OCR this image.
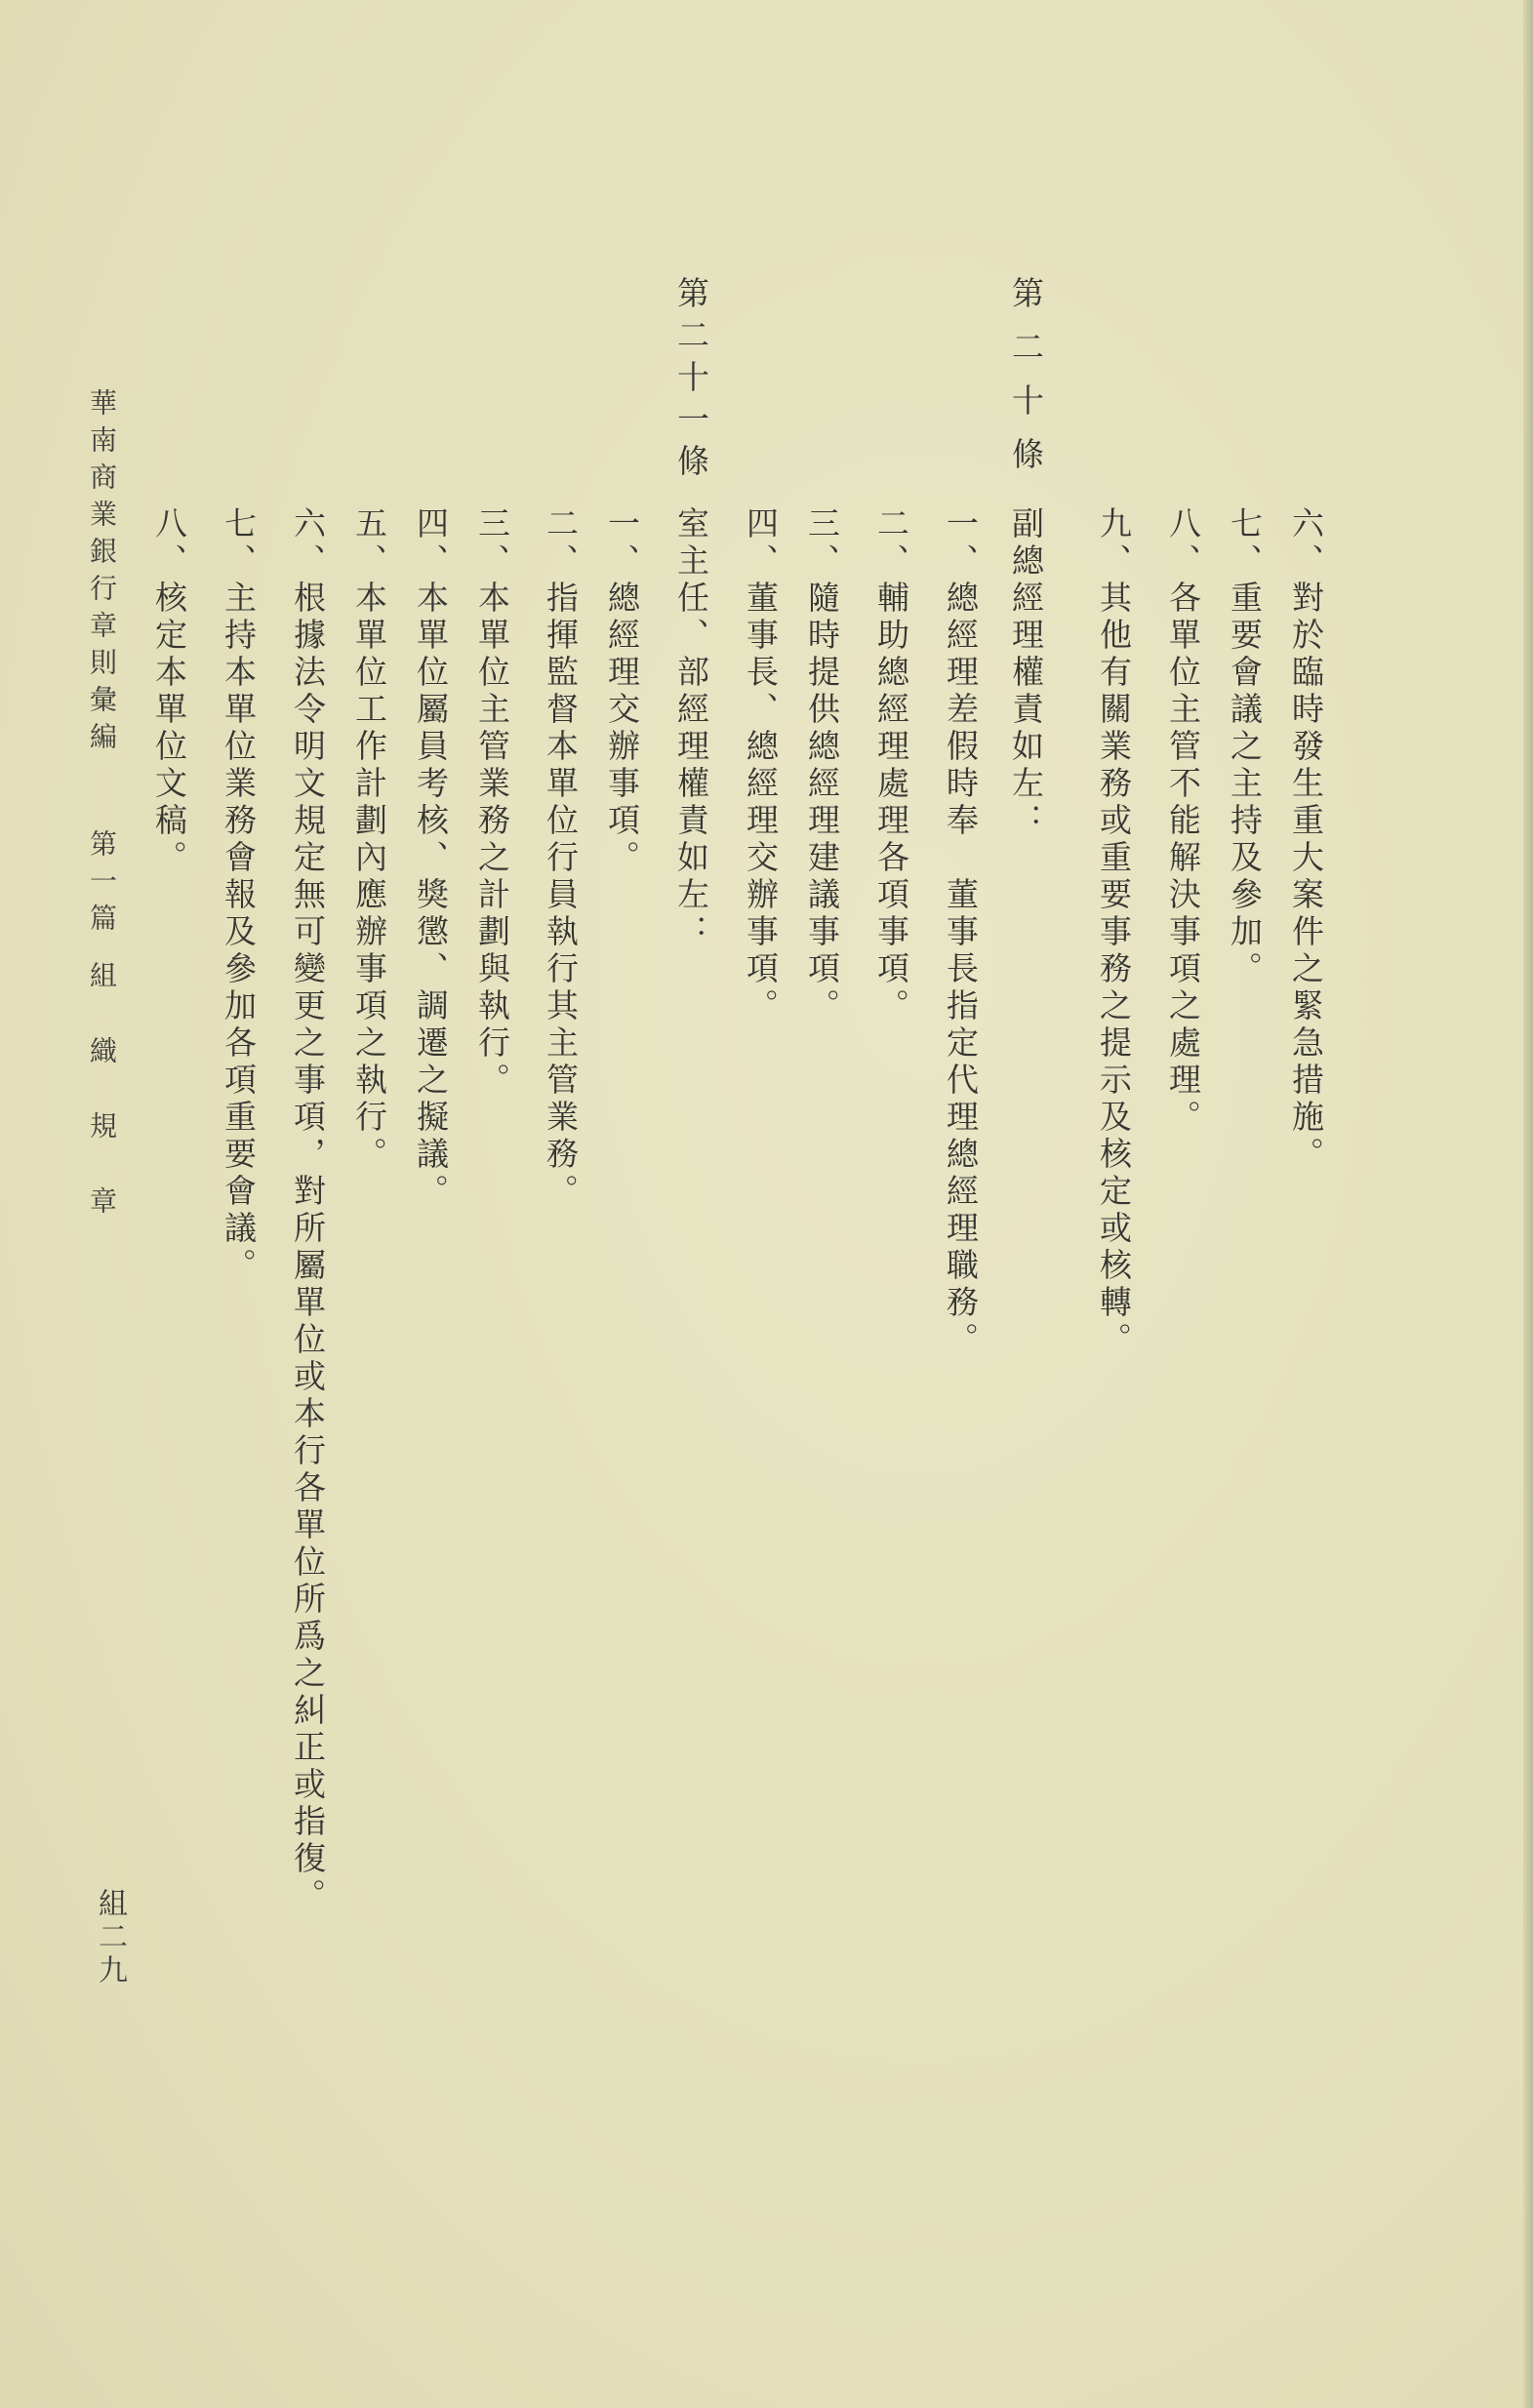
六、對於臨時發生重大案件之緊急措施。
七、重要會議之主持及參加。
八、各單位主管不能解決事項之處理。
九、其他有關業務或重要事務之提示及核定或核轉。
第二十條
副總經理權責如左：
一、總經理差假時奉　董事長指定代理總經理職務。
二、輔助總經理處理各項事項。
三、隨時提供總經理建議事項。
四、董事長、總經理交辦事項。
第二十一條
室主任、部經理權責如左：
一、總經理交辦事項。
二、指揮監督本單位行員執行其主管業務。
三、本單位主管業務之計劃與執行。
四、本單位屬員考核、獎懲、調遷之擬議。
五、本單位工作計劃內應辦事項之執行。
六、根據法令明文規定無可變更之事項，對所屬單位或本行各單位所爲之糾正或指復。
七、主持本單位業務會報及參加各項重要會議。
八、核定本單位文稿。
華南商業銀行章則彙編
第一篇
組 織 規 章
組二九
